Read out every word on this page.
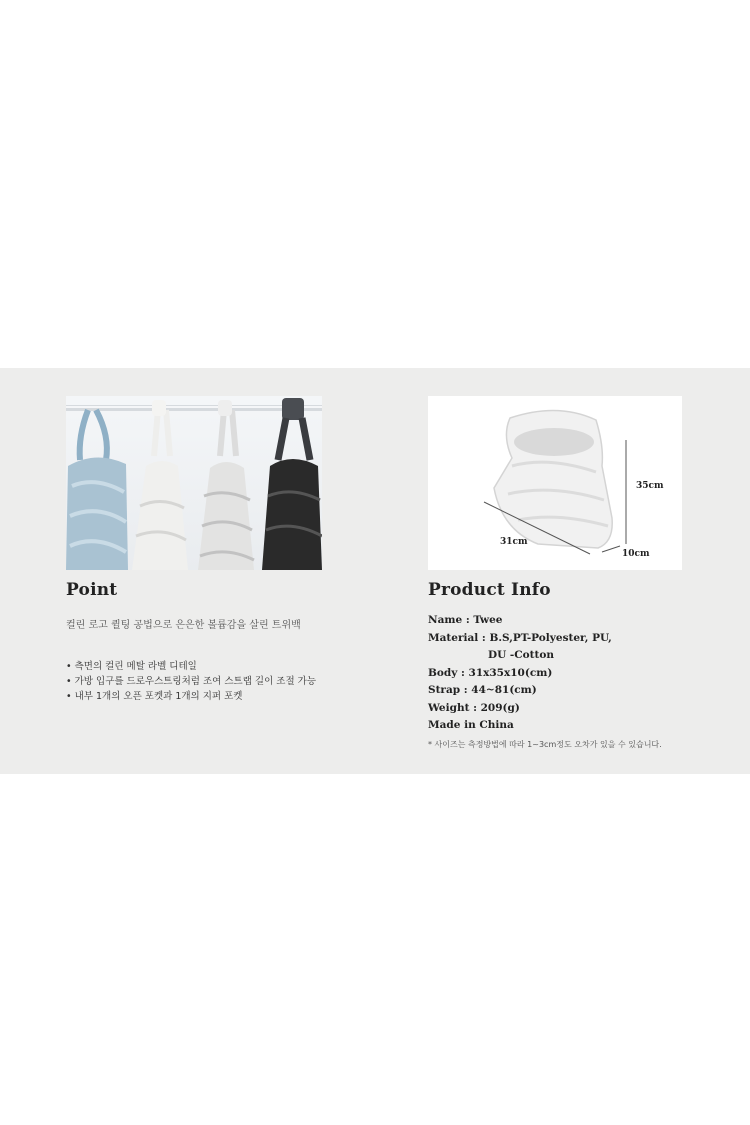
Point
컬린 로고 퀼팅 공법으로 은은한 볼륨감을 살린 트위백
• 측면의 컬린 메탈 라벨 디테일
• 가방 입구를 드로우스트링처럼 조여 스트랩 길이 조절 가능
• 내부 1개의 오픈 포켓과 1개의 지퍼 포켓
31cm
35cm
10cm
Product Info
Name : Twee
Material : B.S,PT-Polyester, PU,
DU -Cotton
Body : 31x35x10(cm)
Strap : 44~81(cm)
Weight : 209(g)
Made in China
* 사이즈는 측정방법에 따라 1~3cm정도 오차가 있을 수 있습니다.
